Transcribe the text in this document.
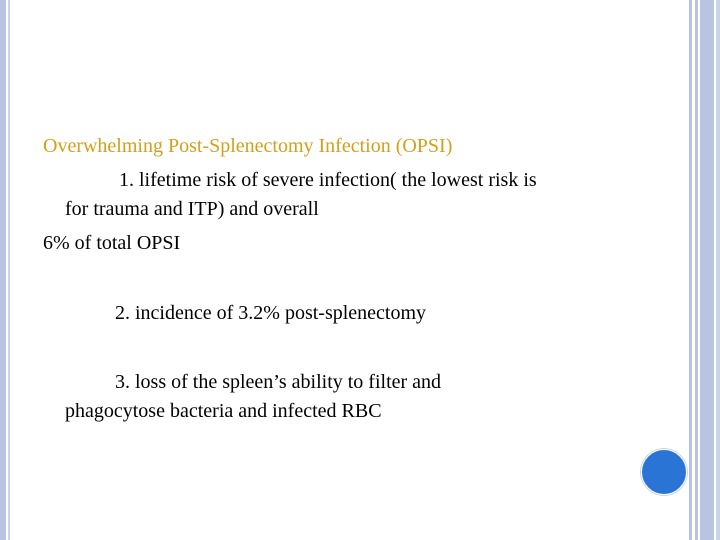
Overwhelming Post-Splenectomy Infection (OPSI)
1. lifetime risk of severe infection( the lowest risk is
for trauma and ITP) and overall
6% of total OPSI
2. incidence of 3.2% post-splenectomy
3. loss of the spleen’s ability to filter and
phagocytose bacteria and infected RBC
